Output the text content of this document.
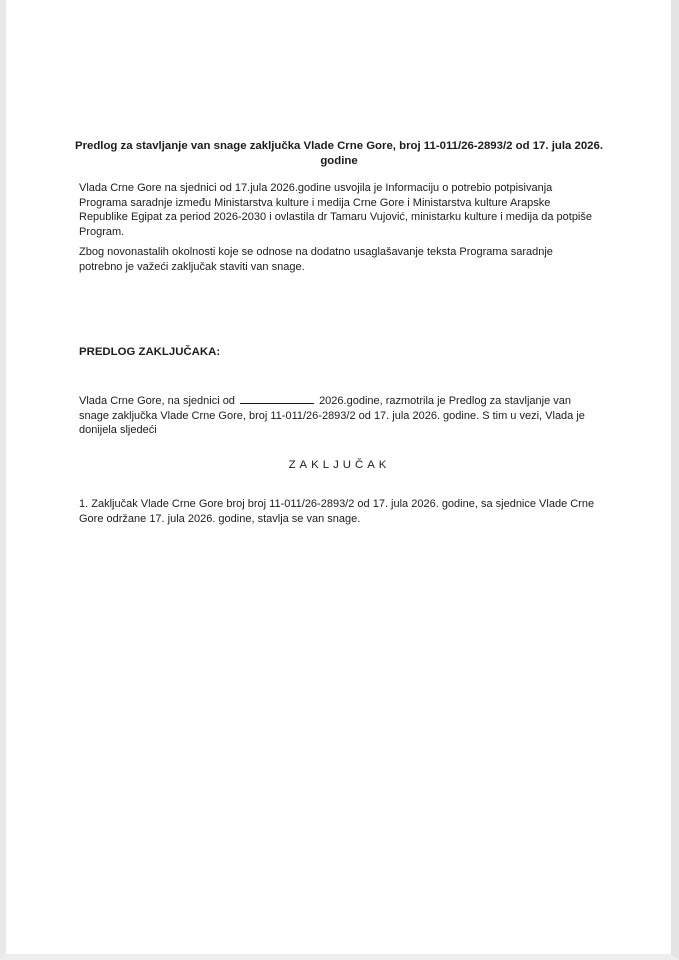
Predlog za stavljanje van snage zaključka Vlade Crne Gore, broj 11-011/26-2893/2 od 17. jula 2026. godine

Vlada Crne Gore na sjednici od 17.jula 2026.godine usvojila je Informaciju o potrebio potpisivanja Programa saradnje između Ministarstva kulture i medija Crne Gore i Ministarstva kulture Arapske Republike Egipat za period 2026-2030 i ovlastila dr Tamaru Vujović, ministarku kulture i medija da potpiše Program.

Zbog novonastalih okolnosti koje se odnose na dodatno usaglašavanje teksta Programa saradnje potrebno je važeći zaključak staviti van snage.

PREDLOG ZAKLJUČAKA:

Vlada Crne Gore, na sjednici od	2026.godine, razmotrila je Predlog za stavljanje van snage zaključka Vlade Crne Gore, broj 11-011/26-2893/2 od 17. jula 2026. godine. S tim u vezi, Vlada je donijela sljedeći

ZAKLJUČAK

1. Zaključak Vlade Crne Gore broj broj 11-011/26-2893/2 od 17. jula 2026. godine, sa sjednice Vlade Crne Gore održane 17. jula 2026. godine, stavlja se van snage.
